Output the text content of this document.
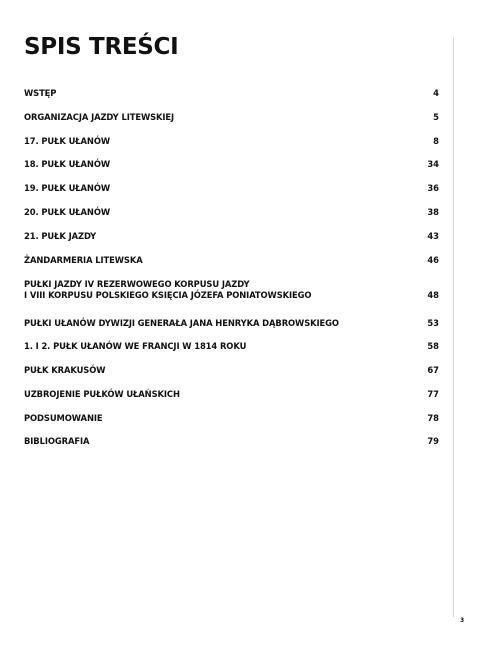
SPIS TREŚCI
WSTĘP	4
ORGANIZACJA JAZDY LITEWSKIEJ	5
17. PUŁK UŁANÓW	8
18. PUŁK UŁANÓW	34
19. PUŁK UŁANÓW	36
20. PUŁK UŁANÓW	38
21. PUŁK JAZDY	43
ŻANDARMERIA LITEWSKA	46
PUŁKI JAZDY IV REZERWOWEGO KORPUSU JAZDY
I VIII KORPUSU POLSKIEGO KSIĘCIA JÓZEFA PONIATOWSKIEGO	48
PUŁKI UŁANÓW DYWIZJI GENERAŁA JANA HENRYKA DĄBROWSKIEGO	53
1. I 2. PUŁK UŁANÓW WE FRANCJI W 1814 ROKU	58
PUŁK KRAKUSÓW	67
UZBROJENIE PUŁKÓW UŁAŃSKICH	77
PODSUMOWANIE	78
BIBLIOGRAFIA	79
3
